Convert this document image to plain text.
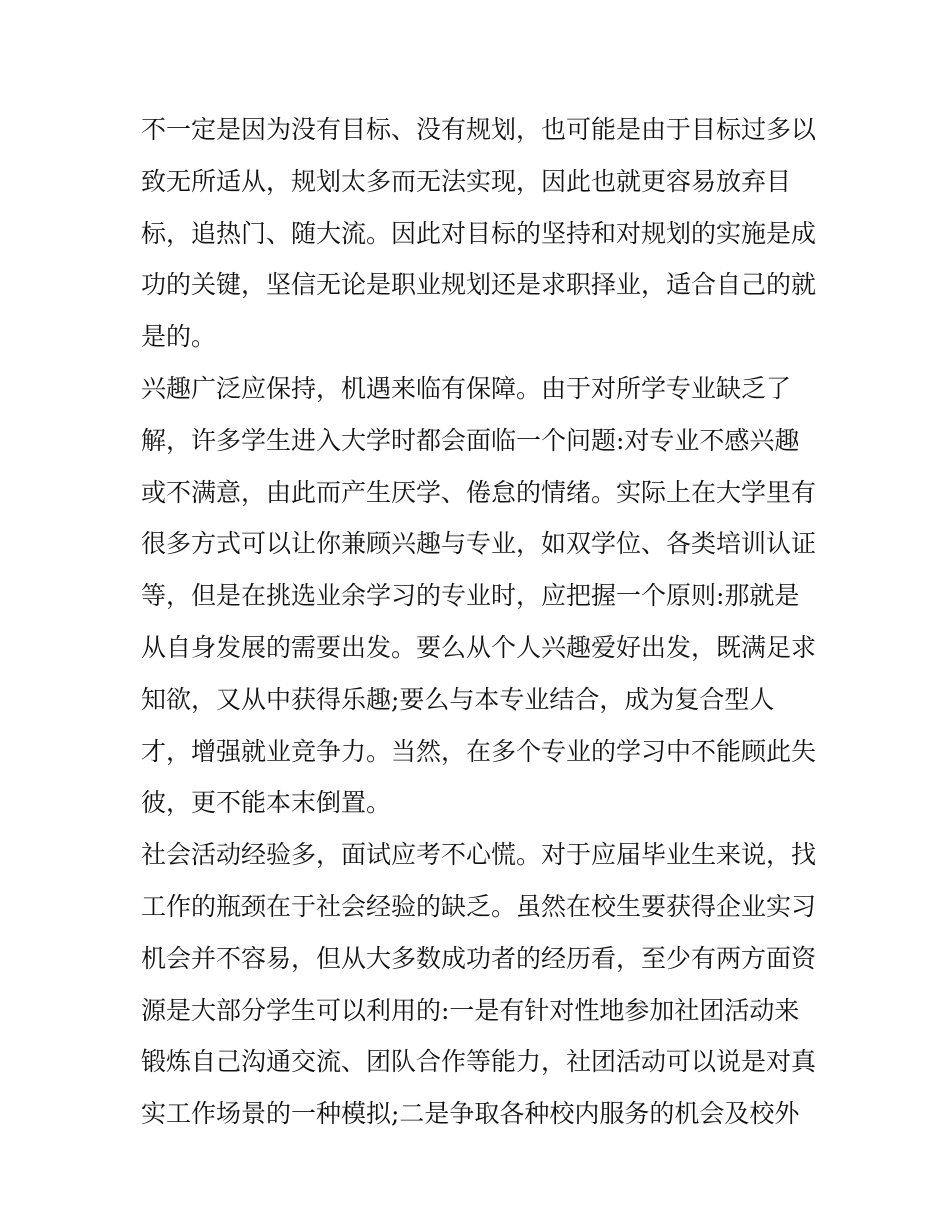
不一定是因为没有目标、没有规划，也可能是由于目标过多以
致无所适从，规划太多而无法实现，因此也就更容易放弃目
标，追热门、随大流。因此对目标的坚持和对规划的实施是成
功的关键，坚信无论是职业规划还是求职择业，适合自己的就
是的。
兴趣广泛应保持，机遇来临有保障。由于对所学专业缺乏了
解，许多学生进入大学时都会面临一个问题:对专业不感兴趣
或不满意，由此而产生厌学、倦怠的情绪。实际上在大学里有
很多方式可以让你兼顾兴趣与专业，如双学位、各类培训认证
等，但是在挑选业余学习的专业时，应把握一个原则:那就是
从自身发展的需要出发。要么从个人兴趣爱好出发，既满足求
知欲，又从中获得乐趣;要么与本专业结合，成为复合型人
才，增强就业竞争力。当然，在多个专业的学习中不能顾此失
彼，更不能本末倒置。
社会活动经验多，面试应考不心慌。对于应届毕业生来说，找
工作的瓶颈在于社会经验的缺乏。虽然在校生要获得企业实习
机会并不容易，但从大多数成功者的经历看，至少有两方面资
源是大部分学生可以利用的:一是有针对性地参加社团活动来
锻炼自己沟通交流、团队合作等能力，社团活动可以说是对真
实工作场景的一种模拟;二是争取各种校内服务的机会及校外
